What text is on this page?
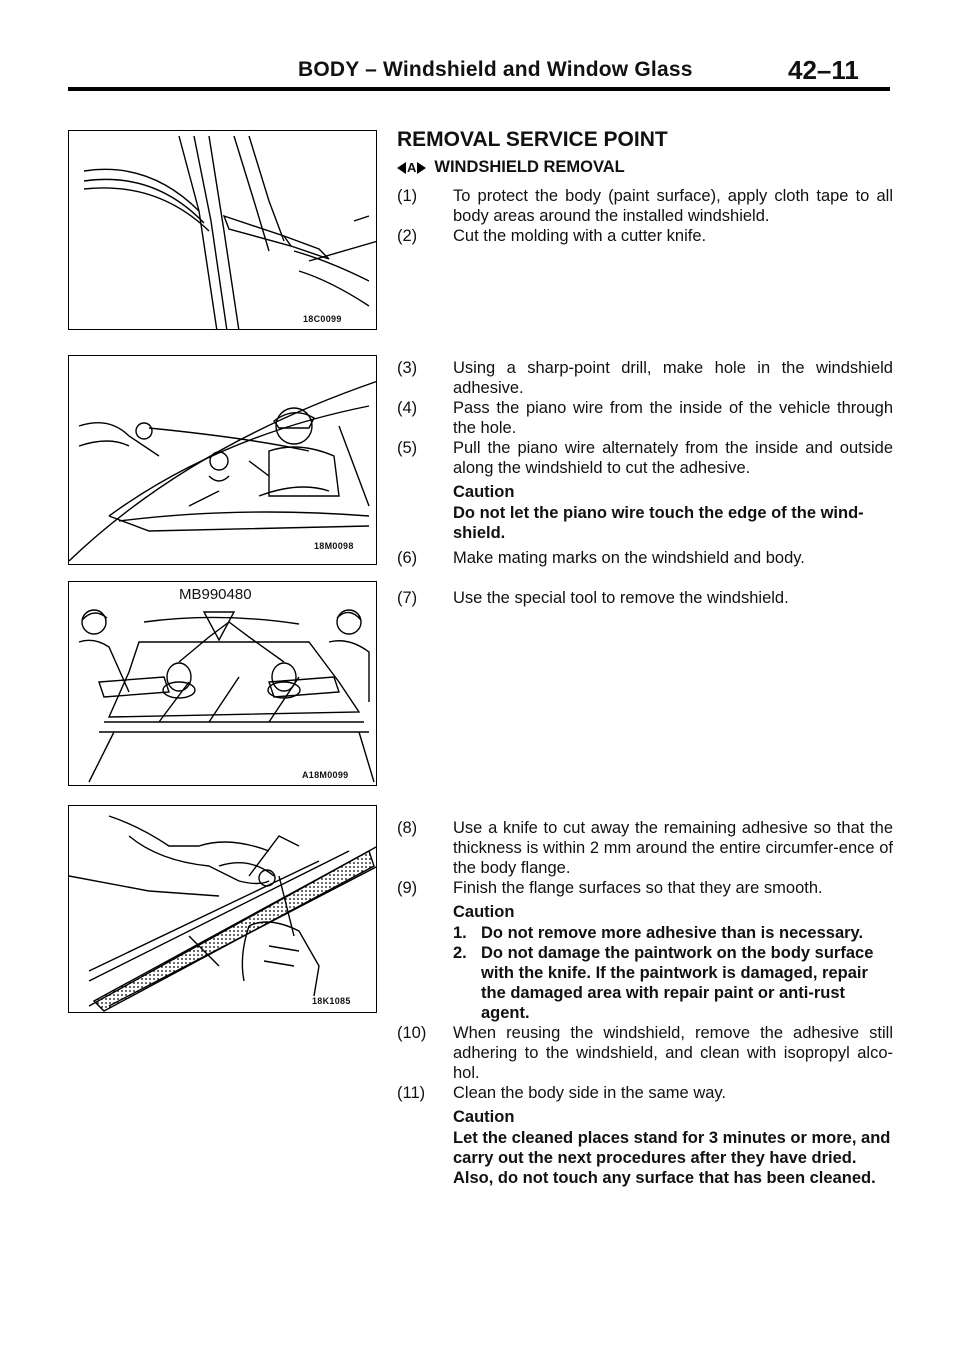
BODY – Windshield and Window Glass	42–11
18C0099
18M0098
MB990480
A18M0099
18K1085
REMOVAL SERVICE POINT
A WINDSHIELD REMOVAL
(1) To protect the body (paint surface), apply cloth tape to all body areas around the installed windshield.
(2) Cut the molding with a cutter knife.
(3) Using a sharp-point drill, make hole in the windshield adhesive.
(4) Pass the piano wire from the inside of the vehicle through the hole.
(5) Pull the piano wire alternately from the inside and outside along the windshield to cut the adhesive.
Caution
Do not let the piano wire touch the edge of the wind-shield.
(6) Make mating marks on the windshield and body.
(7) Use the special tool to remove the windshield.
(8) Use a knife to cut away the remaining adhesive so that the thickness is within 2 mm around the entire circumfer-ence of the body flange.
(9) Finish the flange surfaces so that they are smooth.
Caution
1. Do not remove more adhesive than is necessary.
2. Do not damage the paintwork on the body surface with the knife. If the paintwork is damaged, repair the damaged area with repair paint or anti-rust agent.
(10) When reusing the windshield, remove the adhesive still adhering to the windshield, and clean with isopropyl alco-hol.
(11) Clean the body side in the same way.
Caution
Let the cleaned places stand for 3 minutes or more, and carry out the next procedures after they have dried. Also, do not touch any surface that has been cleaned.
